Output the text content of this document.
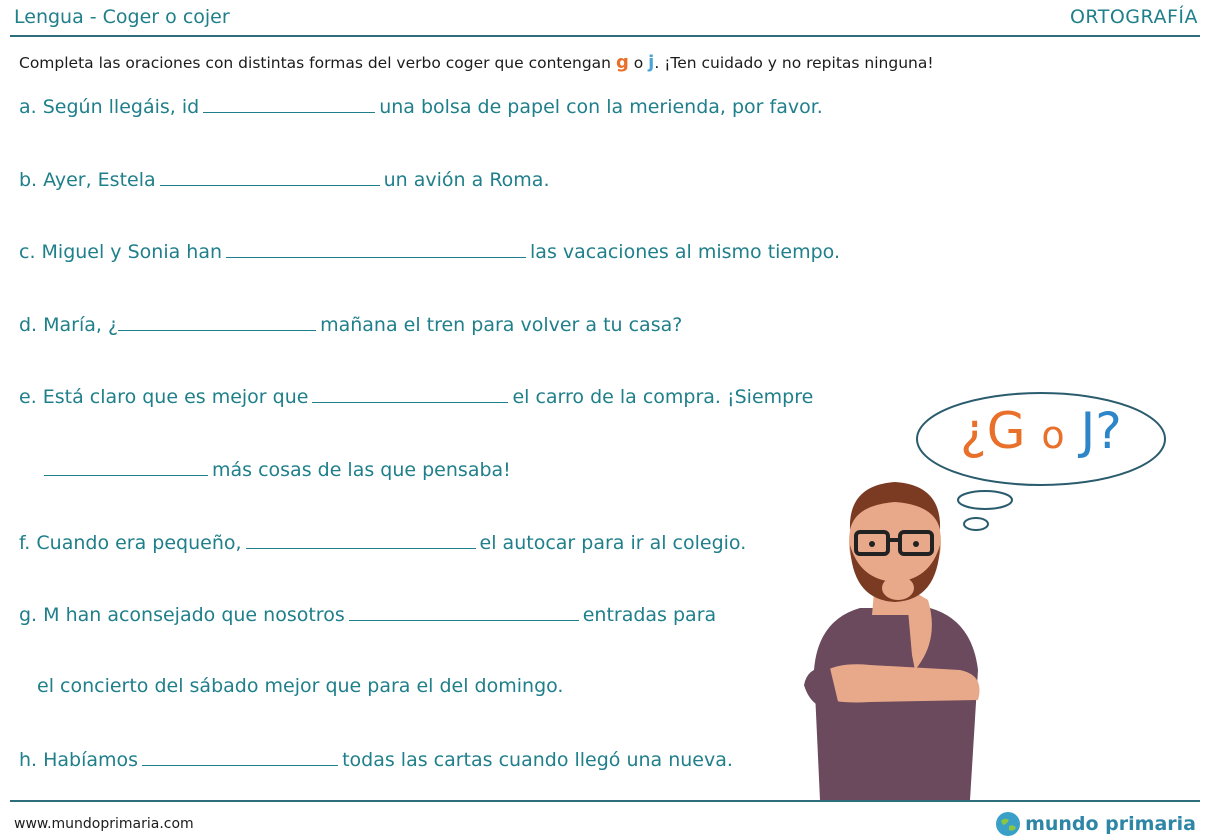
Lengua - Coger o cojer	ORTOGRAFÍA
Completa las oraciones con distintas formas del verbo coger que contengan g o j. ¡Ten cuidado y no repitas ninguna!
a. Según llegáis, id	una bolsa de papel con la merienda, por favor.
b. Ayer, Estela	un avión a Roma.
c. Miguel y Sonia han	las vacaciones al mismo tiempo.
d. María, ¿	mañana el tren para volver a tu casa?
e. Está claro que es mejor que	el carro de la compra. ¡Siempre
más cosas de las que pensaba!
f. Cuando era pequeño,	el autocar para ir al colegio.
g. M han aconsejado que nosotros	entradas para
el concierto del sábado mejor que para el del domingo.
h. Habíamos	todas las cartas cuando llegó una nueva.
¿G o J?
www.mundoprimaria.com	mundo primaria
